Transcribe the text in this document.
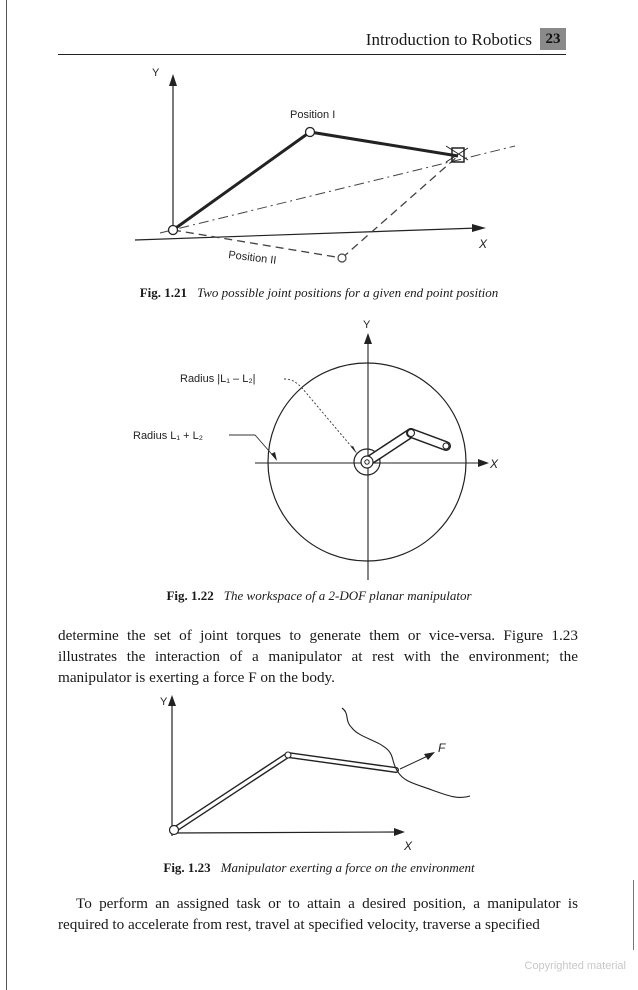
Introduction to Robotics 23
Y
X
Position I
Position II
Fig. 1.21 Two possible joint positions for a given end point position
Y
X
Radius |L₁ – L₂|
Radius L₁ + L₂
Fig. 1.22 The workspace of a 2-DOF planar manipulator

determine the set of joint torques to generate them or vice-versa. Figure 1.23 illustrates the interaction of a manipulator at rest with the environment; the manipulator is exerting a force F on the body.

Y
X
F
Fig. 1.23 Manipulator exerting a force on the environment

To perform an assigned task or to attain a desired position, a manipulator is required to accelerate from rest, travel at specified velocity, traverse a specified

Copyrighted material
